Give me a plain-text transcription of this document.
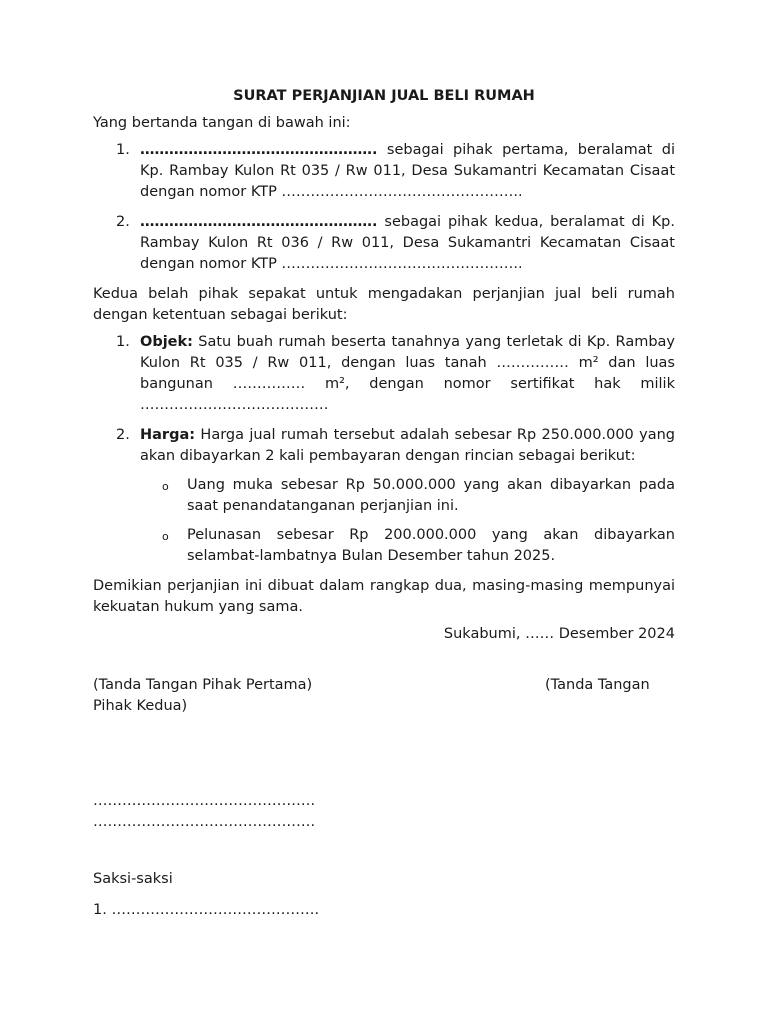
SURAT PERJANJIAN JUAL BELI RUMAH

Yang bertanda tangan di bawah ini:

1. …………………………………………. sebagai pihak pertama, beralamat di Kp. Rambay Kulon Rt 035 / Rw 011, Desa Sukamantri Kecamatan Cisaat dengan nomor KTP …………………………………………..
2. …………………………………………. sebagai pihak kedua, beralamat di Kp. Rambay Kulon Rt 036 / Rw 011, Desa Sukamantri Kecamatan Cisaat dengan nomor KTP …………………………………………..

Kedua belah pihak sepakat untuk mengadakan perjanjian jual beli rumah dengan ketentuan sebagai berikut:

1. Objek: Satu buah rumah beserta tanahnya yang terletak di Kp. Rambay Kulon Rt 035 / Rw 011, dengan luas tanah …………… m² dan luas bangunan …………… m², dengan nomor sertifikat hak milik …………………………………
2. Harga: Harga jual rumah tersebut adalah sebesar Rp 250.000.000 yang akan dibayarkan 2 kali pembayaran dengan rincian sebagai berikut:
o Uang muka sebesar Rp 50.000.000 yang akan dibayarkan pada saat penandatanganan perjanjian ini.
o Pelunasan sebesar Rp 200.000.000 yang akan dibayarkan selambat-lambatnya Bulan Desember tahun 2025.

Demikian perjanjian ini dibuat dalam rangkap dua, masing-masing mempunyai kekuatan hukum yang sama.

Sukabumi, …… Desember 2024

(Tanda Tangan Pihak Pertama)	(Tanda Tangan

Pihak Kedua)

……………………………………….

……………………………………….

Saksi-saksi

1. …………………………………….
